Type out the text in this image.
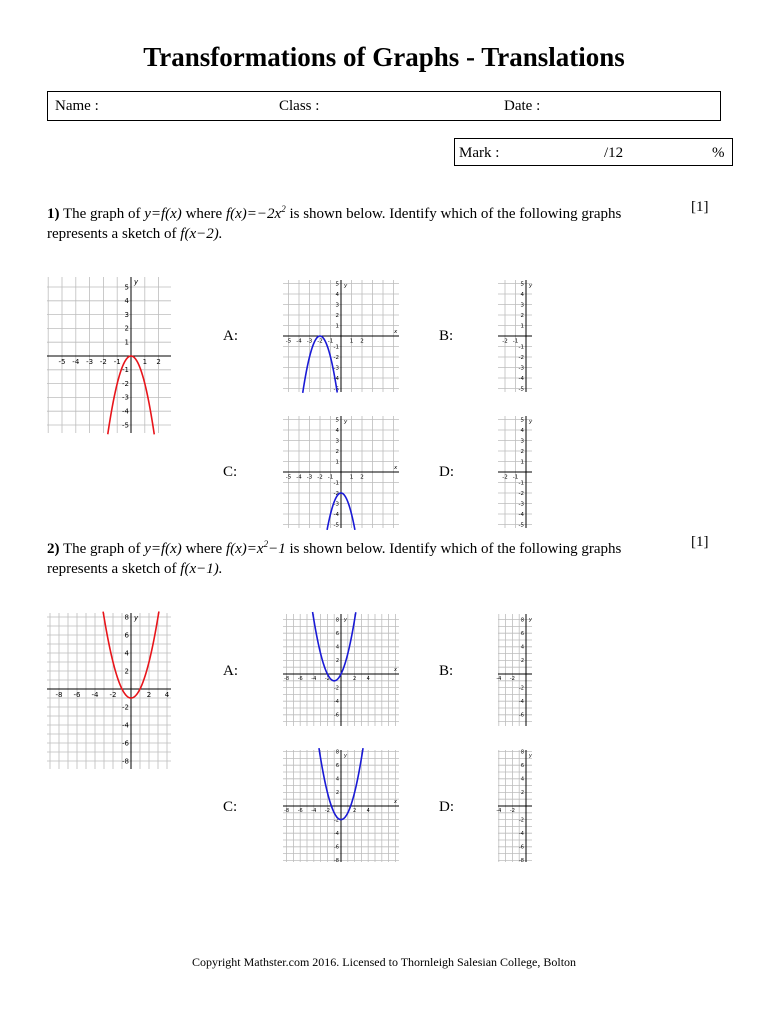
Transformations of Graphs - Translations
Name :	Class :	Date :
Mark :	/12	%
1) The graph of y=f(x) where $f(x)=-2x^2$ is shown below. Identify which of the following graphs
represents a sketch of f(x−2).
[1]
y
-5 -4 -3 -2 -1	1 2
5
4
3
2
1
-1
-2
-3
-4
-5
A:
y
x
-5 -4 -3 -2 -1	1 2
5
4
3
2
1
-1
-2
-3
-4
-5
B:
y
-2 -1
5
4
3
2
1
-1
-2
-3
-4
-5
C:
y
x
-5 -4 -3 -2 -1	1 2
5
4
3
2
1
-1
-2
-3
-4
-5
D:
y
-2 -1
5
4
3
2
1
-1
-2
-3
-4
-5
2) The graph of y=f(x) where $f(x)=x^2-1$ is shown below. Identify which of the following graphs
represents a sketch of f(x−1).
[1]
y
-8 -6 -4 -2	2 4
8
6
4
2
-2
-4
-6
-8
A:
y
x
-8 -6 -4 -2	2 4
8
6
4
2
-2
-4
-6
B:
y
-4 -2
8
6
4
2
-2
-4
-6
C:
y
x
-8 -6 -4 -2	2 4
8
6
4
2
-2
-4
-6
-8
D:
y
-4 -2
8
6
4
2
-2
-4
-6
-8
Copyright Mathster.com 2016. Licensed to Thornleigh Salesian College, Bolton
